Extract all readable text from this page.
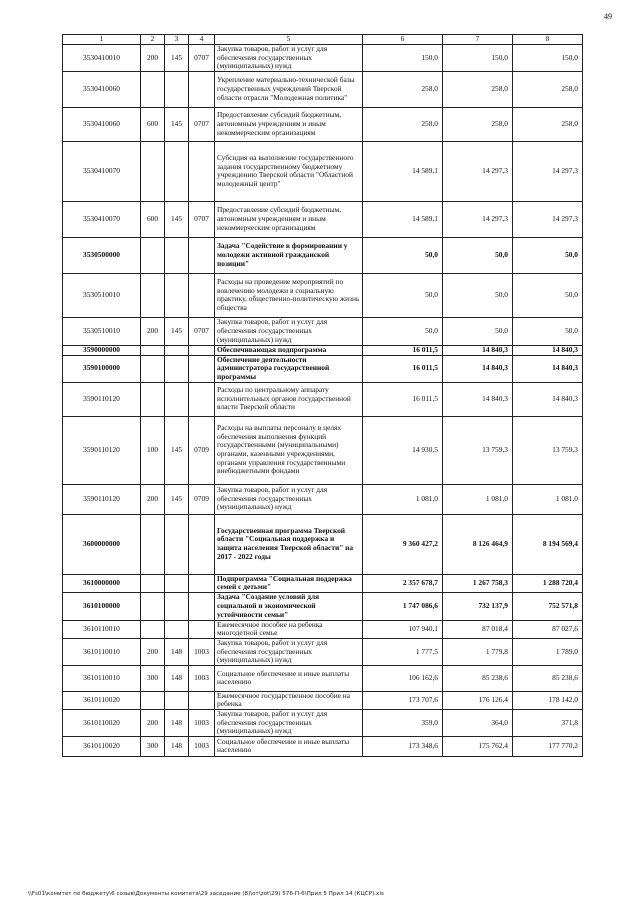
49
1	2	3	4	5	6	7	8
3530410010	200	145	0707	Закупка товаров, работ и услуг для обеспечения государственных (муниципальных) нужд	150,0	150,0	150,0
3530410060				Укрепление материально-технической базы государственных учреждений Тверской области отрасли "Молодежная политика"	258,0	258,0	258,0
3530410060	600	145	0707	Предоставление субсидий бюджетным, автономным учреждениям и иным некоммерческим организациям	258,0	258,0	258,0
3530410070				Субсидия на выполнение государственного задания государственному бюджетному учреждению Тверской области "Областной молодежный центр"	14 589,1	14 297,3	14 297,3
3530410070	600	145	0707	Предоставление субсидий бюджетным, автономным учреждениям и иным некоммерческим организациям	14 589,1	14 297,3	14 297,3
3530500000				Задача "Содействие в формировании у молодежи активной гражданской позиции"	50,0	50,0	50,0
3530510010				Расходы на проведение мероприятий по вовлечению молодежи в социальную практику, общественно-политическую жизнь общества	50,0	50,0	50,0
3530510010	200	145	0707	Закупка товаров, работ и услуг для обеспечения государственных (муниципальных) нужд	50,0	50,0	50,0
3590000000				Обеспечивающая подпрограмма	16 011,5	14 840,3	14 840,3
3590100000				Обеспечение деятельности администратора государственной программы	16 011,5	14 840,3	14 840,3
3590110120				Расходы по центральному аппарату исполнительных органов государственной власти Тверской области	16 011,5	14 840,3	14 840,3
3590110120	100	145	0709	Расходы на выплаты персоналу в целях обеспечения выполнения функций государственными (муниципальными) органами, казенными учреждениями, органами управления государственными внебюджетными фондами	14 930,5	13 759,3	13 759,3
3590110120	200	145	0709	Закупка товаров, работ и услуг для обеспечения государственных (муниципальных) нужд	1 081,0	1 081,0	1 081,0
3600000000				Государственная программа Тверской области "Социальная поддержка и защита населения Тверской области" на 2017 - 2022 годы	9 360 427,2	8 126 464,9	8 194 569,4
3610000000				Подпрограмма "Социальная поддержка семей с детьми"	2 357 678,7	1 267 758,3	1 288 720,4
3610100000				Задача "Создание условий для социальной и экономической устойчивости семьи"	1 747 086,6	732 137,9	752 571,8
3610110010				Ежемесячное пособие на ребенка многодетной семье	107 940,1	87 018,4	87 027,6
3610110010	200	148	1003	Закупка товаров, работ и услуг для обеспечения государственных (муниципальных) нужд	1 777,5	1 779,8	1 789,0
3610110010	300	148	1003	Социальное обеспечение и иные выплаты населению	106 162,6	85 238,6	85 238,6
3610110020				Ежемесячное государственное пособие на ребенка	173 707,6	176 126,4	178 142,0
3610110020	200	148	1003	Закупка товаров, работ и услуг для обеспечения государственных (муниципальных) нужд	359,0	364,0	371,8
3610110020	300	148	1003	Социальное обеспечение и иные выплаты населению	173 348,6	175 762,4	177 770,2
\\Fs01\комитет по бюджету\6 созыв\Документы комитета\29 заседание (8)\от\zot\29) 576-П-6\Прил 5 Прил 14 (КЦСР).xls
